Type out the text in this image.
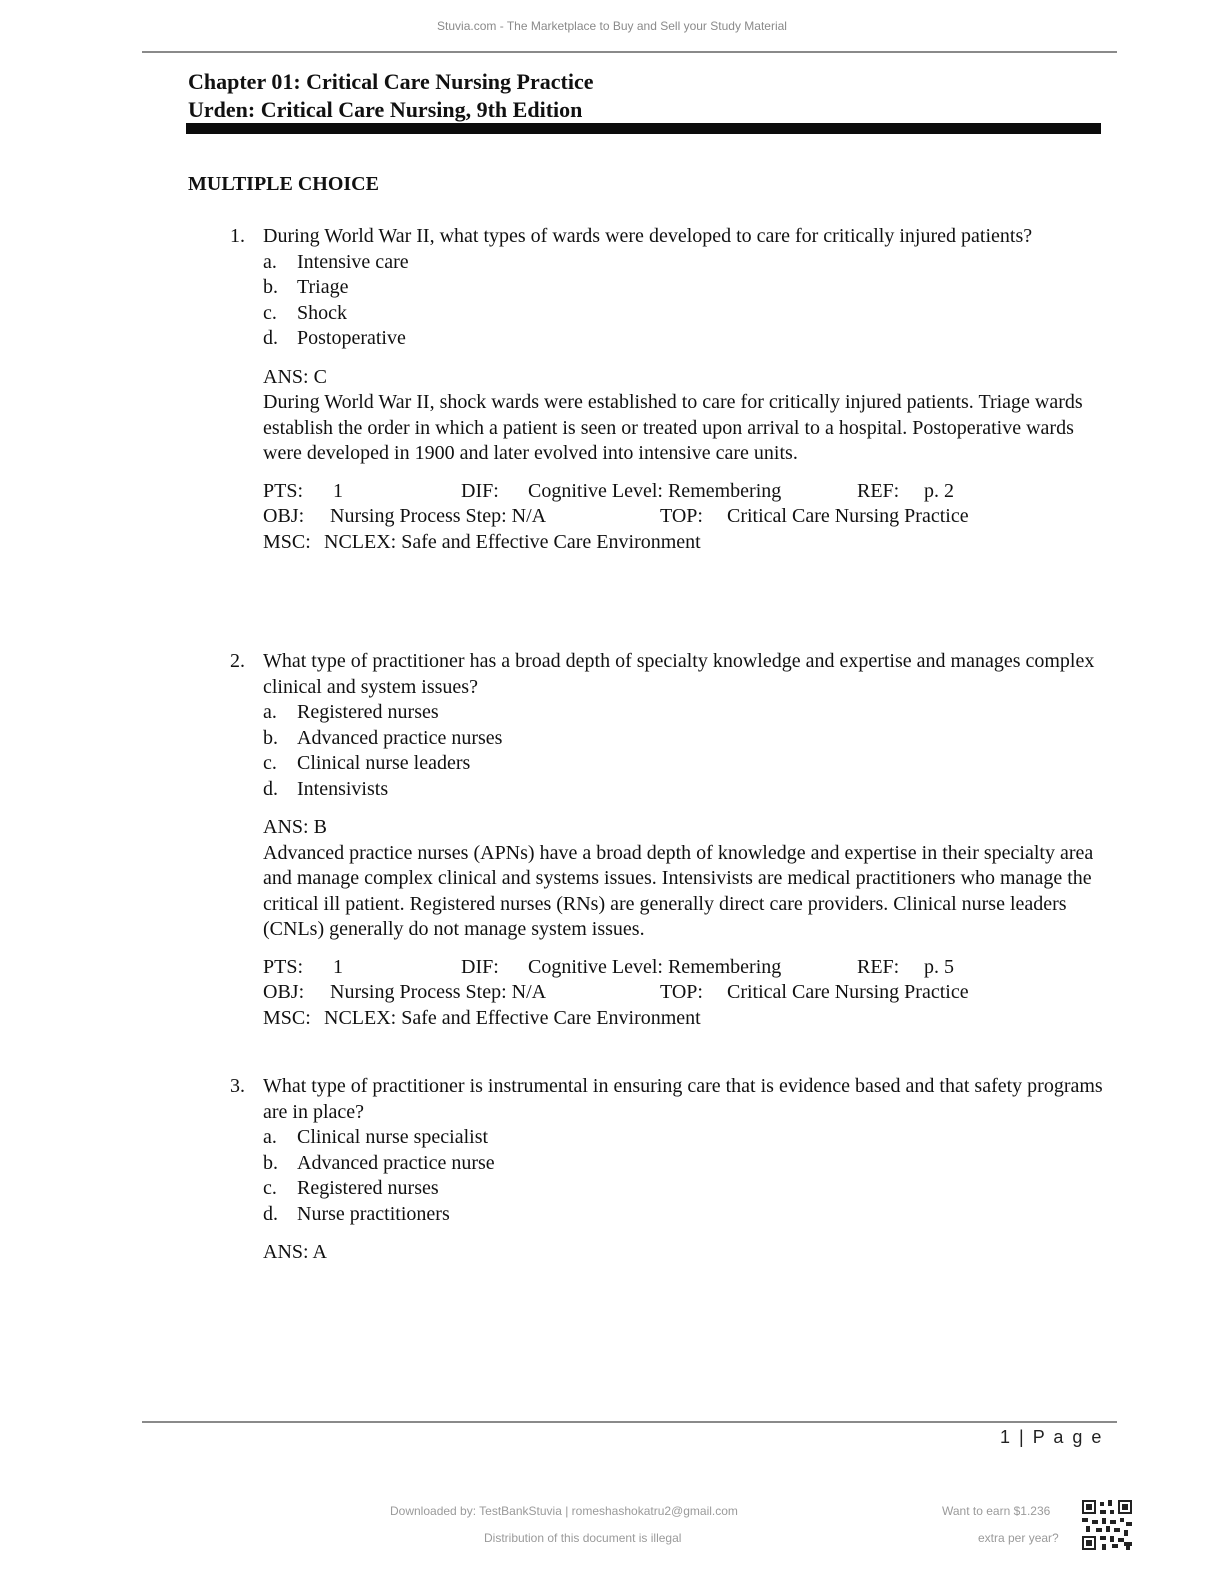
Stuvia.com - The Marketplace to Buy and Sell your Study Material
Chapter 01: Critical Care Nursing Practice
Urden: Critical Care Nursing, 9th Edition
MULTIPLE CHOICE
1. During World War II, what types of wards were developed to care for critically injured patients?
a. Intensive care
b. Triage
c. Shock
d. Postoperative
ANS: C
During World War II, shock wards were established to care for critically injured patients. Triage wards establish the order in which a patient is seen or treated upon arrival to a hospital. Postoperative wards were developed in 1900 and later evolved into intensive care units.
PTS: 1	DIF: Cognitive Level: Remembering	REF: p. 2
OBJ: Nursing Process Step: N/A	TOP: Critical Care Nursing Practice
MSC: NCLEX: Safe and Effective Care Environment
2. What type of practitioner has a broad depth of specialty knowledge and expertise and manages complex clinical and system issues?
a. Registered nurses
b. Advanced practice nurses
c. Clinical nurse leaders
d. Intensivists
ANS: B
Advanced practice nurses (APNs) have a broad depth of knowledge and expertise in their specialty area and manage complex clinical and systems issues. Intensivists are medical practitioners who manage the critical ill patient. Registered nurses (RNs) are generally direct care providers. Clinical nurse leaders (CNLs) generally do not manage system issues.
PTS: 1	DIF: Cognitive Level: Remembering	REF: p. 5
OBJ: Nursing Process Step: N/A	TOP: Critical Care Nursing Practice
MSC: NCLEX: Safe and Effective Care Environment
3. What type of practitioner is instrumental in ensuring care that is evidence based and that safety programs are in place?
a. Clinical nurse specialist
b. Advanced practice nurse
c. Registered nurses
d. Nurse practitioners
ANS: A
1 | P a g e
Downloaded by: TestBankStuvia | romeshashokatru2@gmail.com
Distribution of this document is illegal
Want to earn $1.236
extra per year?
